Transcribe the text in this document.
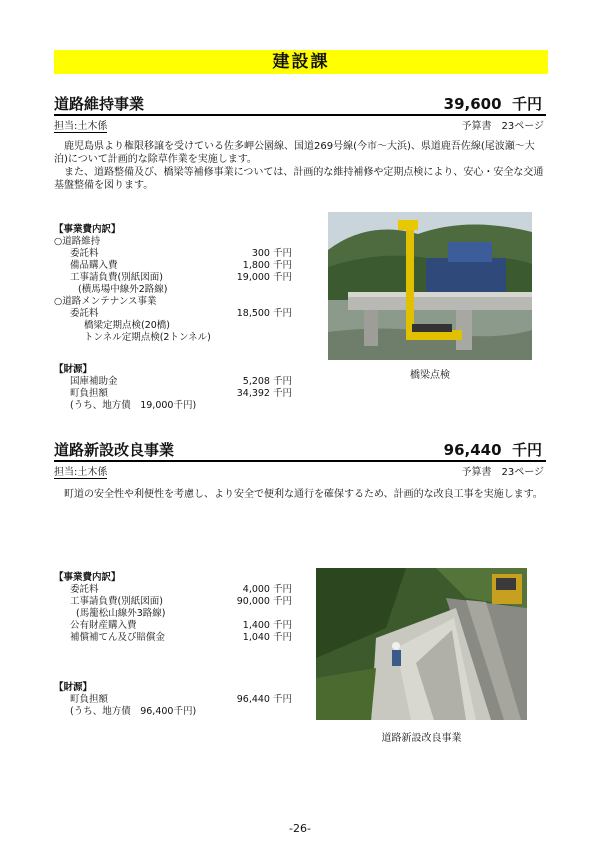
建設課
道路維持事業	39,600 千円
担当:土木係	予算書　23ページ

　鹿児島県より権限移譲を受けている佐多岬公園線、国道269号線(今市～大浜)、県道鹿吾佐線(尾波瀬～大泊)について計画的な除草作業を実施します。

　また、道路整備及び、橋梁等補修事業については、計画的な維持補修や定期点検により、安心・安全な交通基盤整備を図ります。

【事業費内訳】
○道路維持
委託料	300 千円
備品購入費	1,800 千円
工事請負費(別紙図面)	19,000 千円
(横馬場中線外2路線)
○道路メンテナンス事業
委託料	18,500 千円
橋梁定期点検(20橋)
トンネル定期点検(2トンネル)
【財源】
国庫補助金	5,208 千円
町負担額	34,392 千円
(うち、地方債　19,000千円)
橋梁点検
道路新設改良事業	96,440 千円
担当:土木係	予算書　23ページ

　町道の安全性や利便性を考慮し、より安全で便利な通行を確保するため、計画的な改良工事を実施します。

【事業費内訳】
委託料	4,000 千円
工事請負費(別紙図面)	90,000 千円
(馬籠松山線外3路線)
公有財産購入費	1,400 千円
補償補てん及び賠償金	1,040 千円
【財源】
町負担額	96,440 千円
(うち、地方債　96,400千円)
道路新設改良事業
-26-
